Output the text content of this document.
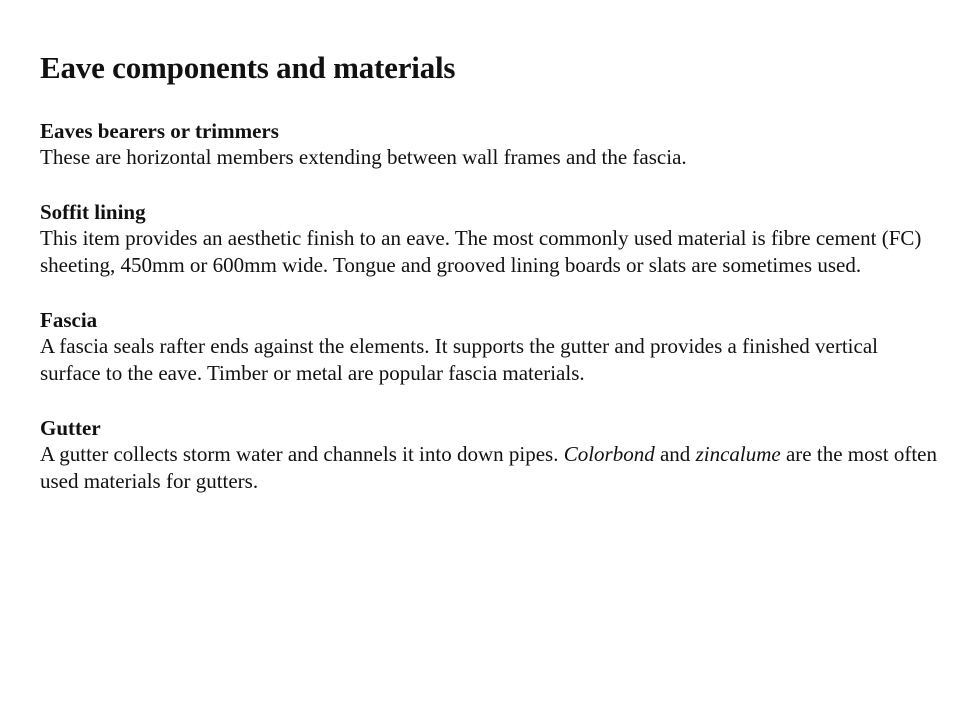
Eave components and materials
Eaves bearers or trimmers

These are horizontal members extending between wall frames and the fascia.

Soffit lining

This item provides an aesthetic finish to an eave. The most commonly used material is fibre cement (FC) sheeting, 450mm or 600mm wide. Tongue and grooved lining boards or slats are sometimes used.

Fascia

A fascia seals rafter ends against the elements. It supports the gutter and provides a finished vertical surface to the eave. Timber or metal are popular fascia materials.

Gutter

A gutter collects storm water and channels it into down pipes. Colorbond and zincalume are the most often used materials for gutters.
